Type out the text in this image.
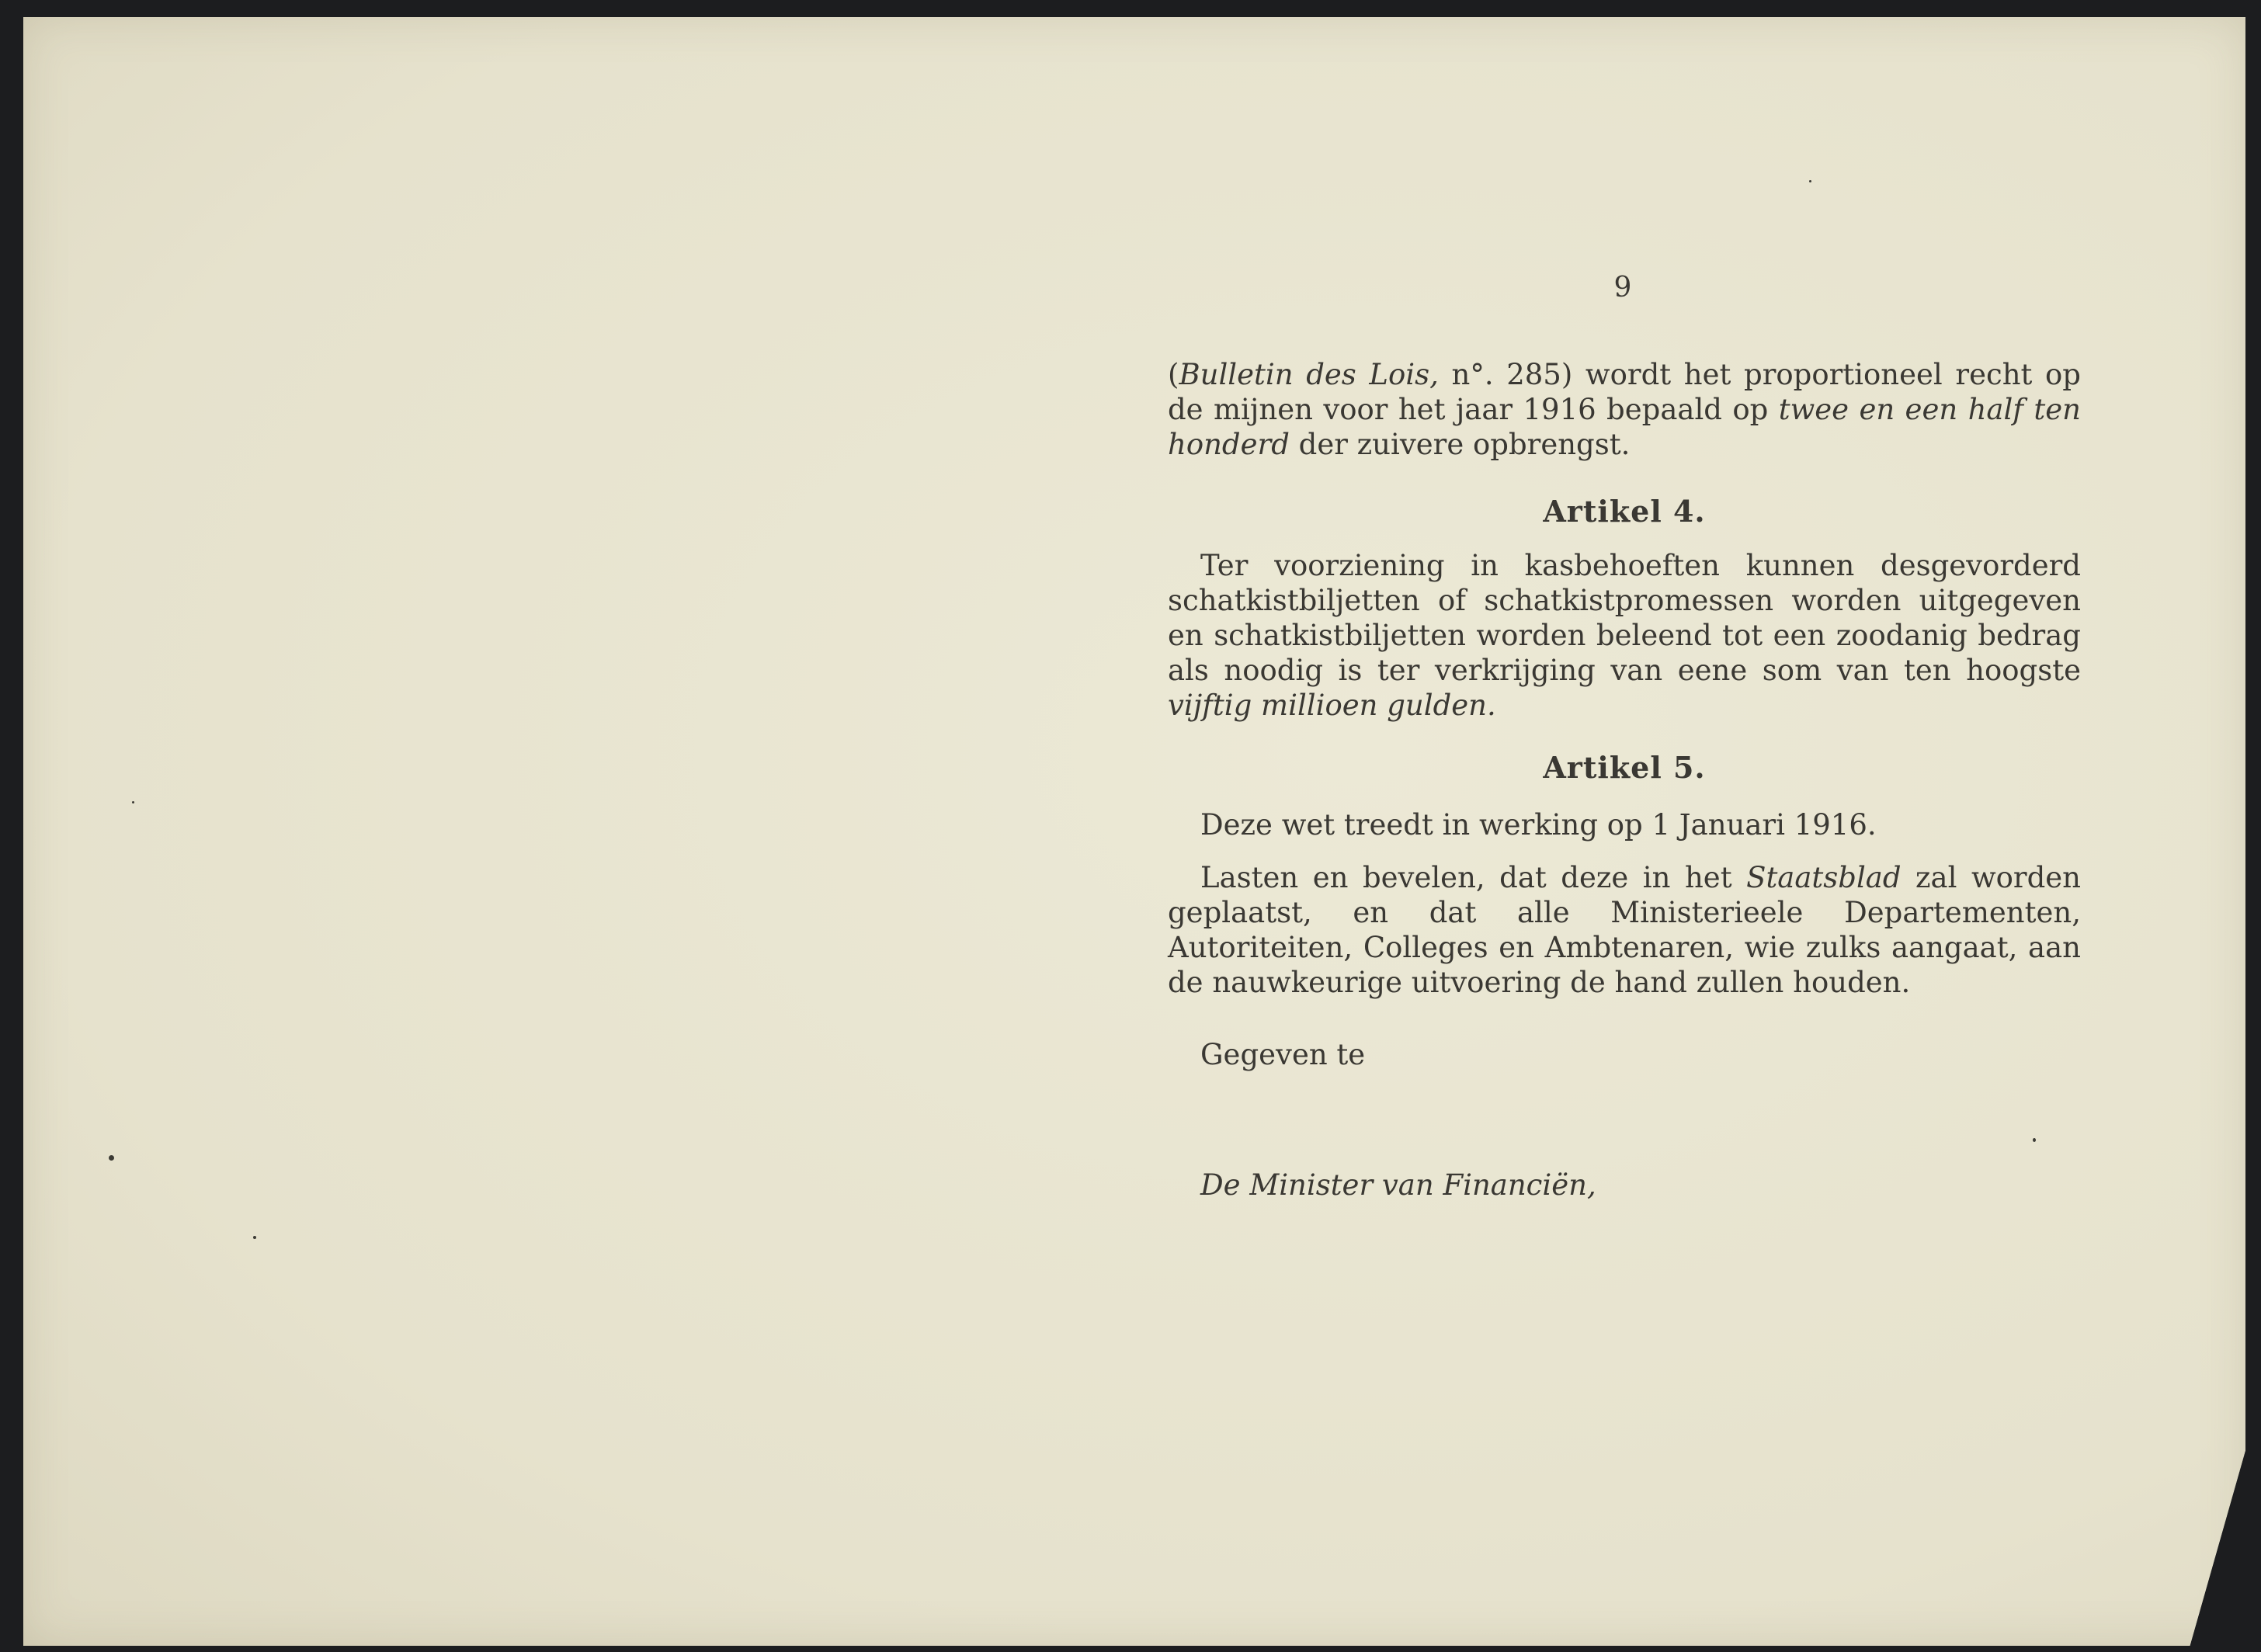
9

(Bulletin des Lois, n°. 285) wordt het proportioneel recht op de mijnen voor het jaar 1916 bepaald op twee en een half ten honderd der zuivere opbrengst.

Artikel 4.

Ter voorziening in kasbehoeften kunnen desgevorderd schatkistbiljetten of schatkistpromessen worden uitgegeven en schatkistbiljetten worden beleend tot een zoodanig bedrag als noodig is ter verkrijging van eene som van ten hoogste vijftig millioen gulden.

Artikel 5.

Deze wet treedt in werking op 1 Januari 1916.

Lasten en bevelen, dat deze in het Staatsblad zal worden geplaatst, en dat alle Ministerieele Departementen, Autoriteiten, Colleges en Ambtenaren, wie zulks aangaat, aan de nauwkeurige uitvoering de hand zullen houden.

Gegeven te

De Minister van Financiën,
